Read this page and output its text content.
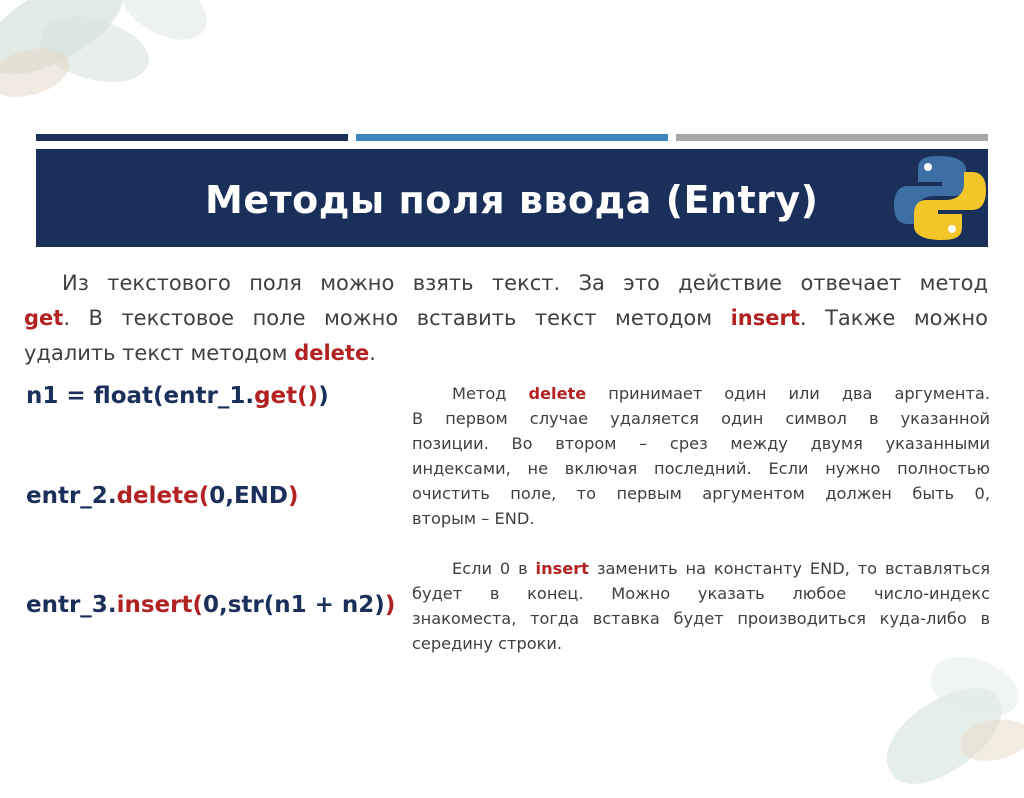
Методы поля ввода (Entry)
Из текстового поля можно взять текст. За это действие отвечает метод
get. В текстовое поле можно вставить текст методом insert. Также можно
удалить текст методом delete.
n1 = float(entr_1.get())
entr_2.delete(0,END)
entr_3.insert(0,str(n1 + n2))
Метод delete принимает один или два аргумента.
В первом случае удаляется один символ в указанной
позиции. Во втором – срез между двумя указанными
индексами, не включая последний. Если нужно полностью
очистить поле, то первым аргументом должен быть 0,
вторым – END.
Если 0 в insert заменить на константу END, то вставляться
будет в конец. Можно указать любое число-индекс
знакоместа, тогда вставка будет производиться куда-либо в
середину строки.
